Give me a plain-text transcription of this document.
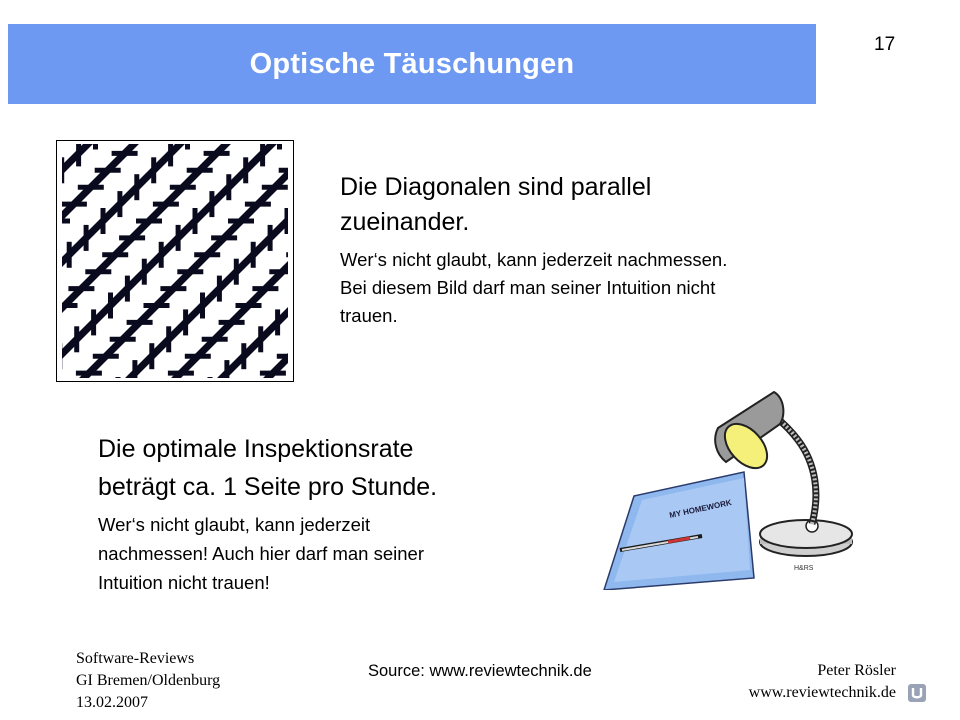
Optische Täuschungen
17
Die Diagonalen sind parallel
zueinander.
Wer‘s nicht glaubt, kann jederzeit nachmessen.
Bei diesem Bild darf man seiner Intuition nicht
trauen.
Die optimale Inspektionsrate
beträgt ca. 1 Seite pro Stunde.
Wer‘s nicht glaubt, kann jederzeit
nachmessen! Auch hier darf man seiner
Intuition nicht trauen!
MY HOMEWORK
H&RS
Software-Reviews
GI Bremen/Oldenburg
13.02.2007
Source: www.reviewtechnik.de	Peter Rösler
www.reviewtechnik.de
